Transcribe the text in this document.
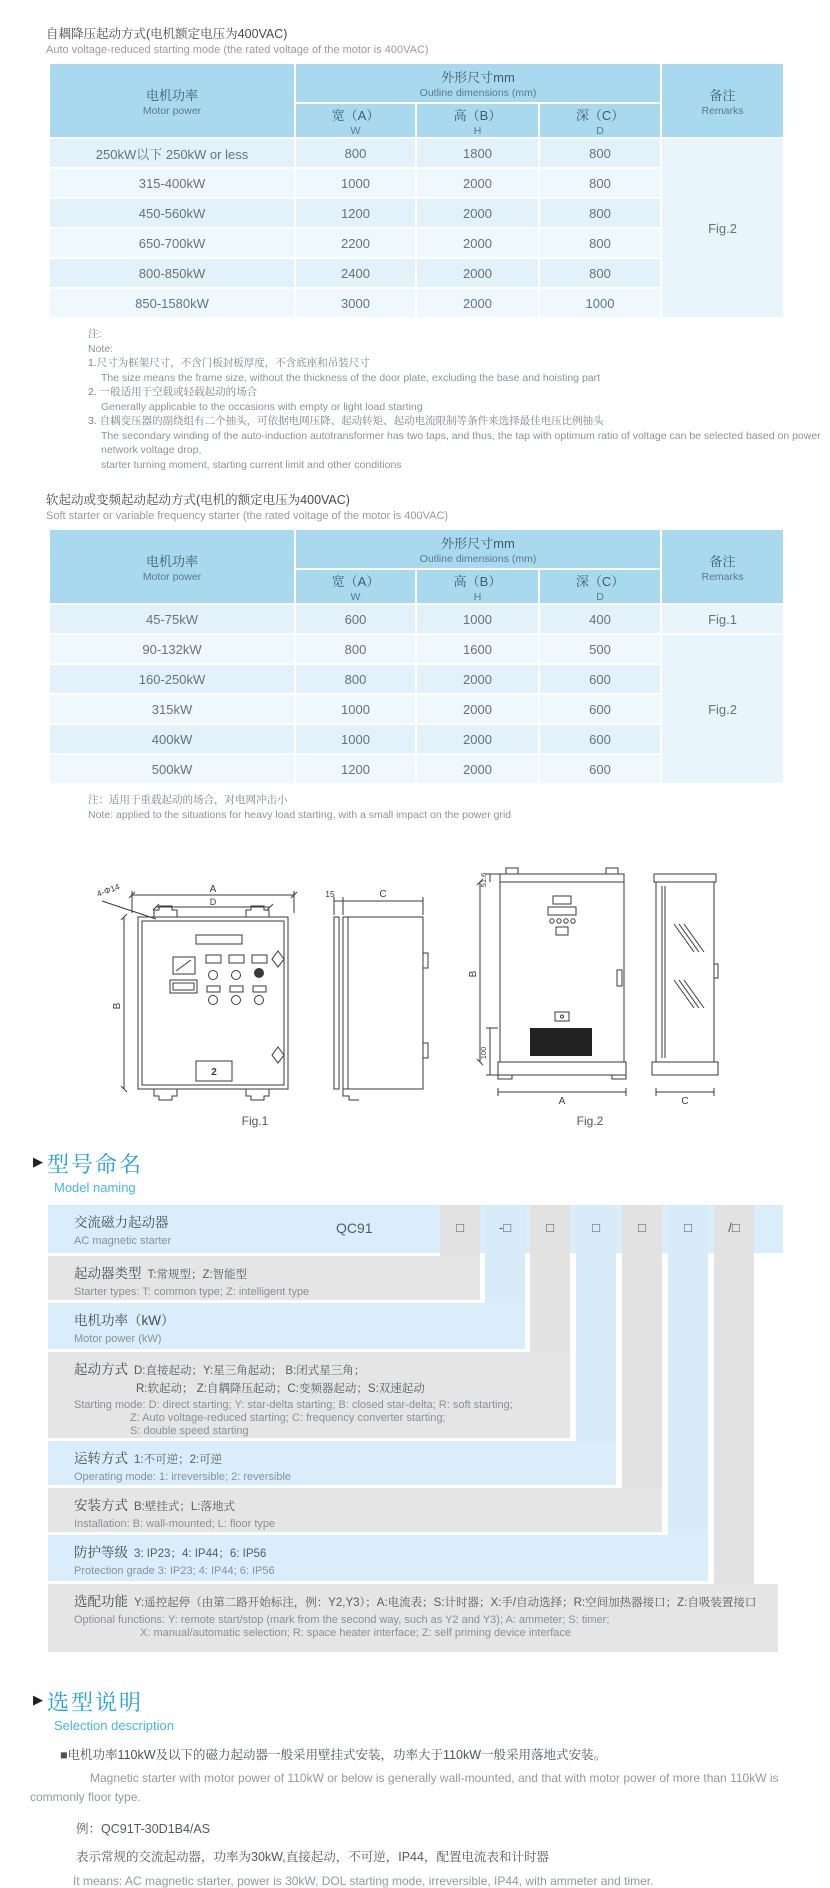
自耦降压起动方式(电机额定电压为400VAC)
Auto voltage-reduced starting mode (the rated voltage of the motor is 400VAC)
电机功率
Motor power

外形尺寸mm
Outline dimensions (mm)	备注
Remarks

宽（A）
W

高（B）
H

深（C）
D

250kW以下 250kW or less	800	1800	800	Fig.2
315-400kW	1000	2000	800	
450-560kW	1200	2000	800	
650-700kW	2200	2000	800	
800-850kW	2400	2000	800	
850-1580kW	3000	2000	1000	
注:
Note:
1.尺寸为框架尺寸，不含门板封板厚度，不含底座和吊装尺寸
The size means the frame size, without the thickness of the door plate, excluding the base and hoisting part
2. 一般适用于空载或轻载起动的场合
Generally applicable to the occasions with empty or light load starting
3. 自耦变压器的副绕组有二个抽头，可依据电网压降、起动转矩、起动电流限制等条件来选择最佳电压比例抽头
The secondary winding of the auto-induction autotransformer has two taps, and thus, the tap with optimum ratio of voltage can be selected based on power network voltage drop,
starter turning moment, starting current limit and other conditions
软起动或变频起动起动方式(电机的额定电压为400VAC)
Soft starter or variable frequency starter (the rated voltage of the motor is 400VAC)
电机功率
Motor power

外形尺寸mm
Outline dimensions (mm)	备注
Remarks

宽（A）
W

高（B）
H

深（C）
D

45-75kW	600	1000	400	Fig.1
90-132kW	800	1600	500	Fig.2
160-250kW	800	2000	600	
315kW	1000	2000	600	
400kW	1000	2000	600	
500kW	1200	2000	600	
注：适用于重载起动的场合，对电网冲击小
Note: applied to the situations for heavy load starting, with a small impact on the power grid
A
D
4-Φ14
B
15	C
2
Fig.1
51.6
B
100
A	C
Fig.2
▶ 型号命名
Model naming
QC91	□	-□	□	□	□	□	/□
交流磁力起动器
AC magnetic starter
起动器类型 T:常规型；Z:智能型
Starter types: T: common type; Z: intelligent type
电机功率（kW）
Motor power (kW)
起动方式 D:直接起动；Y:星三角起动； B:闭式星三角；
R:软起动； Z:自耦降压起动；C:变频器起动；S:双速起动
Starting mode: D: direct starting; Y: star-delta starting; B: closed star-delta; R: soft starting;
Z: Auto voltage-reduced starting; C: frequency converter starting;
S: double speed starting
运转方式 1:不可逆；2:可逆
Operating mode: 1: irreversible; 2: reversible
安装方式 B:壁挂式；L:落地式
Installation: B: wall-mounted; L: floor type
防护等级 3: IP23；4: IP44；6: IP56
Protection grade 3: IP23; 4: IP44; 6: IP56
选配功能 Y:遥控起停（由第二路开始标注，例：Y2,Y3）；A:电流表；S:计时器；X:手/自动选择；R:空间加热器接口；Z:自吸装置接口
Optional functions: Y: remote start/stop (mark from the second way, such as Y2 and Y3); A: ammeter; S: timer;
X: manual/automatic selection; R: space heater interface; Z: self priming device interface
▶ 选型说明
Selection description
■电机功率110kW及以下的磁力起动器一般采用壁挂式安装，功率大于110kW一般采用落地式安装。
Magnetic starter with motor power of 110kW or below is generally wall-mounted, and that with motor power of more than 110kW is commonly floor type.
例：QC91T-30D1B4/AS
表示常规的交流起动器，功率为30kW,直接起动，不可逆，IP44，配置电流表和计时器
It means: AC magnetic starter, power is 30kW, DOL starting mode, irreversible, IP44, with ammeter and timer.
